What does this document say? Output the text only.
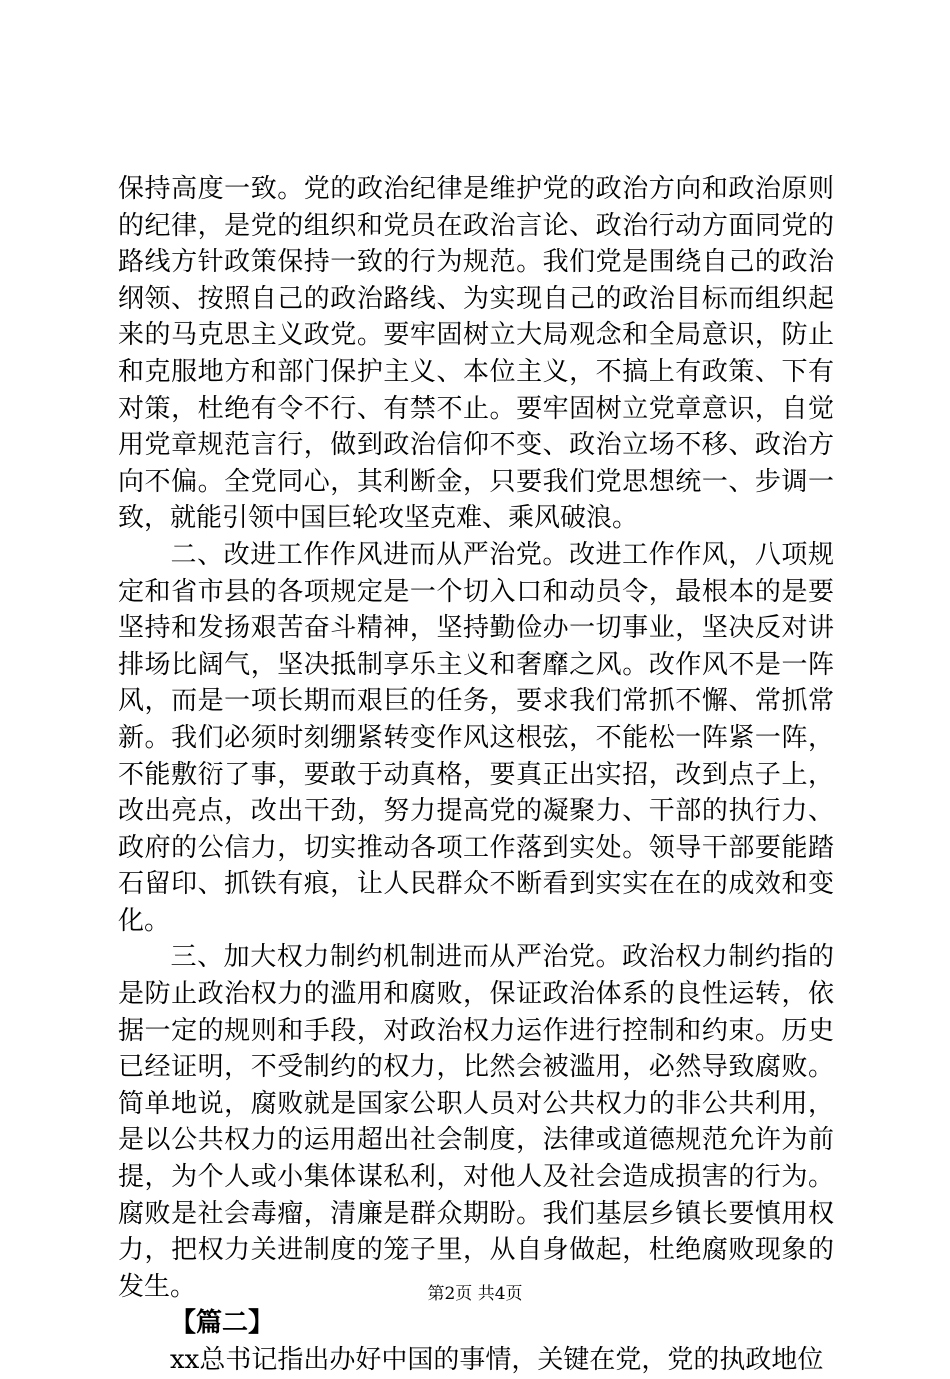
保持高度一致。党的政治纪律是维护党的政治方向和政治原则的纪律，是党的组织和党员在政治言论、政治行动方面同党的路线方针政策保持一致的行为规范。我们党是围绕自己的政治纲领、按照自己的政治路线、为实现自己的政治目标而组织起来的马克思主义政党。要牢固树立大局观念和全局意识，防止和克服地方和部门保护主义、本位主义，不搞上有政策、下有对策，杜绝有令不行、有禁不止。要牢固树立党章意识，自觉用党章规范言行，做到政治信仰不变、政治立场不移、政治方向不偏。全党同心，其利断金，只要我们党思想统一、步调一致，就能引领中国巨轮攻坚克难、乘风破浪。

二、改进工作作风进而从严治党。改进工作作风，八项规定和省市县的各项规定是一个切入口和动员令，最根本的是要坚持和发扬艰苦奋斗精神，坚持勤俭办一切事业，坚决反对讲排场比阔气，坚决抵制享乐主义和奢靡之风。改作风不是一阵风，而是一项长期而艰巨的任务，要求我们常抓不懈、常抓常新。我们必须时刻绷紧转变作风这根弦，不能松一阵紧一阵，不能敷衍了事，要敢于动真格，要真正出实招，改到点子上，改出亮点，改出干劲，努力提高党的凝聚力、干部的执行力、政府的公信力，切实推动各项工作落到实处。领导干部要能踏石留印、抓铁有痕，让人民群众不断看到实实在在的成效和变化。

三、加大权力制约机制进而从严治党。政治权力制约指的是防止政治权力的滥用和腐败，保证政治体系的良性运转，依据一定的规则和手段，对政治权力运作进行控制和约束。历史已经证明，不受制约的权力，比然会被滥用，必然导致腐败。简单地说，腐败就是国家公职人员对公共权力的非公共利用，是以公共权力的运用超出社会制度，法律或道德规范允许为前提，为个人或小集体谋私利，对他人及社会造成损害的行为。腐败是社会毒瘤，清廉是群众期盼。我们基层乡镇长要慎用权力，把权力关进制度的笼子里，从自身做起，杜绝腐败现象的发生。

【篇二】

xx总书记指出办好中国的事情，关键在党，党的执政地位

第2页 共4页
